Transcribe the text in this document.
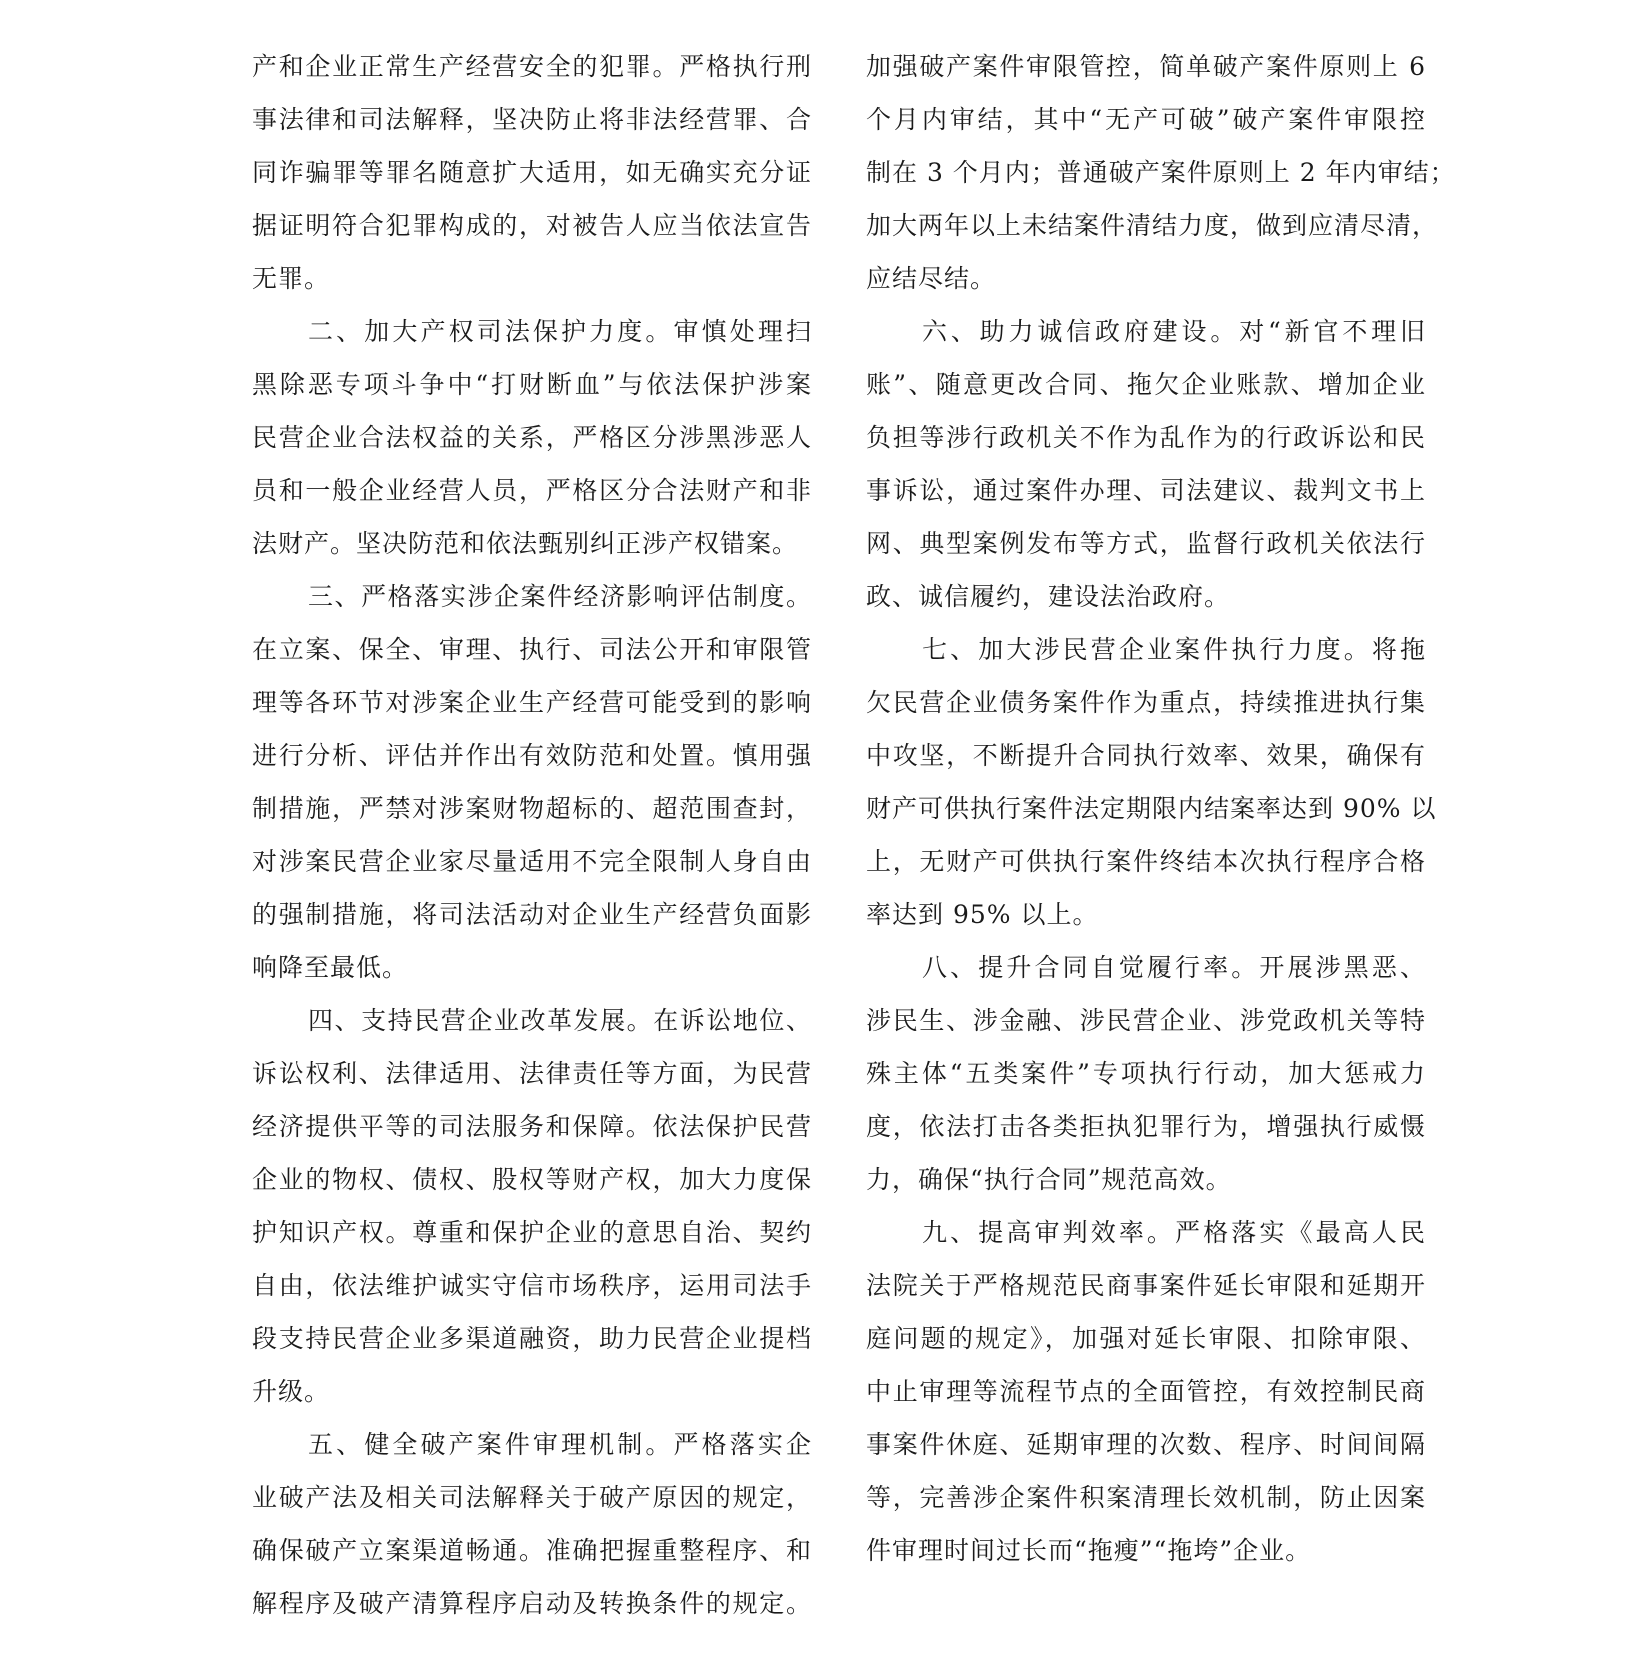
产和企业正常生产经营安全的犯罪。严格执行刑
事法律和司法解释，坚决防止将非法经营罪、合
同诈骗罪等罪名随意扩大适用，如无确实充分证
据证明符合犯罪构成的，对被告人应当依法宣告
无罪。
二、加大产权司法保护力度。审慎处理扫
黑除恶专项斗争中“打财断血”与依法保护涉案
民营企业合法权益的关系，严格区分涉黑涉恶人
员和一般企业经营人员，严格区分合法财产和非
法财产。坚决防范和依法甄别纠正涉产权错案。
三、严格落实涉企案件经济影响评估制度。
在立案、保全、审理、执行、司法公开和审限管
理等各环节对涉案企业生产经营可能受到的影响
进行分析、评估并作出有效防范和处置。慎用强
制措施，严禁对涉案财物超标的、超范围查封，
对涉案民营企业家尽量适用不完全限制人身自由
的强制措施，将司法活动对企业生产经营负面影
响降至最低。
四、支持民营企业改革发展。在诉讼地位、
诉讼权利、法律适用、法律责任等方面，为民营
经济提供平等的司法服务和保障。依法保护民营
企业的物权、债权、股权等财产权，加大力度保
护知识产权。尊重和保护企业的意思自治、契约
自由，依法维护诚实守信市场秩序，运用司法手
段支持民营企业多渠道融资，助力民营企业提档
升级。
五、健全破产案件审理机制。严格落实企
业破产法及相关司法解释关于破产原因的规定，
确保破产立案渠道畅通。准确把握重整程序、和
解程序及破产清算程序启动及转换条件的规定。
加强破产案件审限管控，简单破产案件原则上 6
个月内审结，其中“无产可破”破产案件审限控
制在 3 个月内；普通破产案件原则上 2 年内审结；
加大两年以上未结案件清结力度，做到应清尽清，
应结尽结。
六、助力诚信政府建设。对“新官不理旧
账”、随意更改合同、拖欠企业账款、增加企业
负担等涉行政机关不作为乱作为的行政诉讼和民
事诉讼，通过案件办理、司法建议、裁判文书上
网、典型案例发布等方式，监督行政机关依法行
政、诚信履约，建设法治政府。
七、加大涉民营企业案件执行力度。将拖
欠民营企业债务案件作为重点，持续推进执行集
中攻坚，不断提升合同执行效率、效果，确保有
财产可供执行案件法定期限内结案率达到 90% 以
上，无财产可供执行案件终结本次执行程序合格
率达到 95% 以上。
八、提升合同自觉履行率。开展涉黑恶、
涉民生、涉金融、涉民营企业、涉党政机关等特
殊主体“五类案件”专项执行行动，加大惩戒力
度，依法打击各类拒执犯罪行为，增强执行威慑
力，确保“执行合同”规范高效。
九、提高审判效率。严格落实《最高人民
法院关于严格规范民商事案件延长审限和延期开
庭问题的规定》，加强对延长审限、扣除审限、
中止审理等流程节点的全面管控，有效控制民商
事案件休庭、延期审理的次数、程序、时间间隔
等，完善涉企案件积案清理长效机制，防止因案
件审理时间过长而“拖瘦”“拖垮”企业。
